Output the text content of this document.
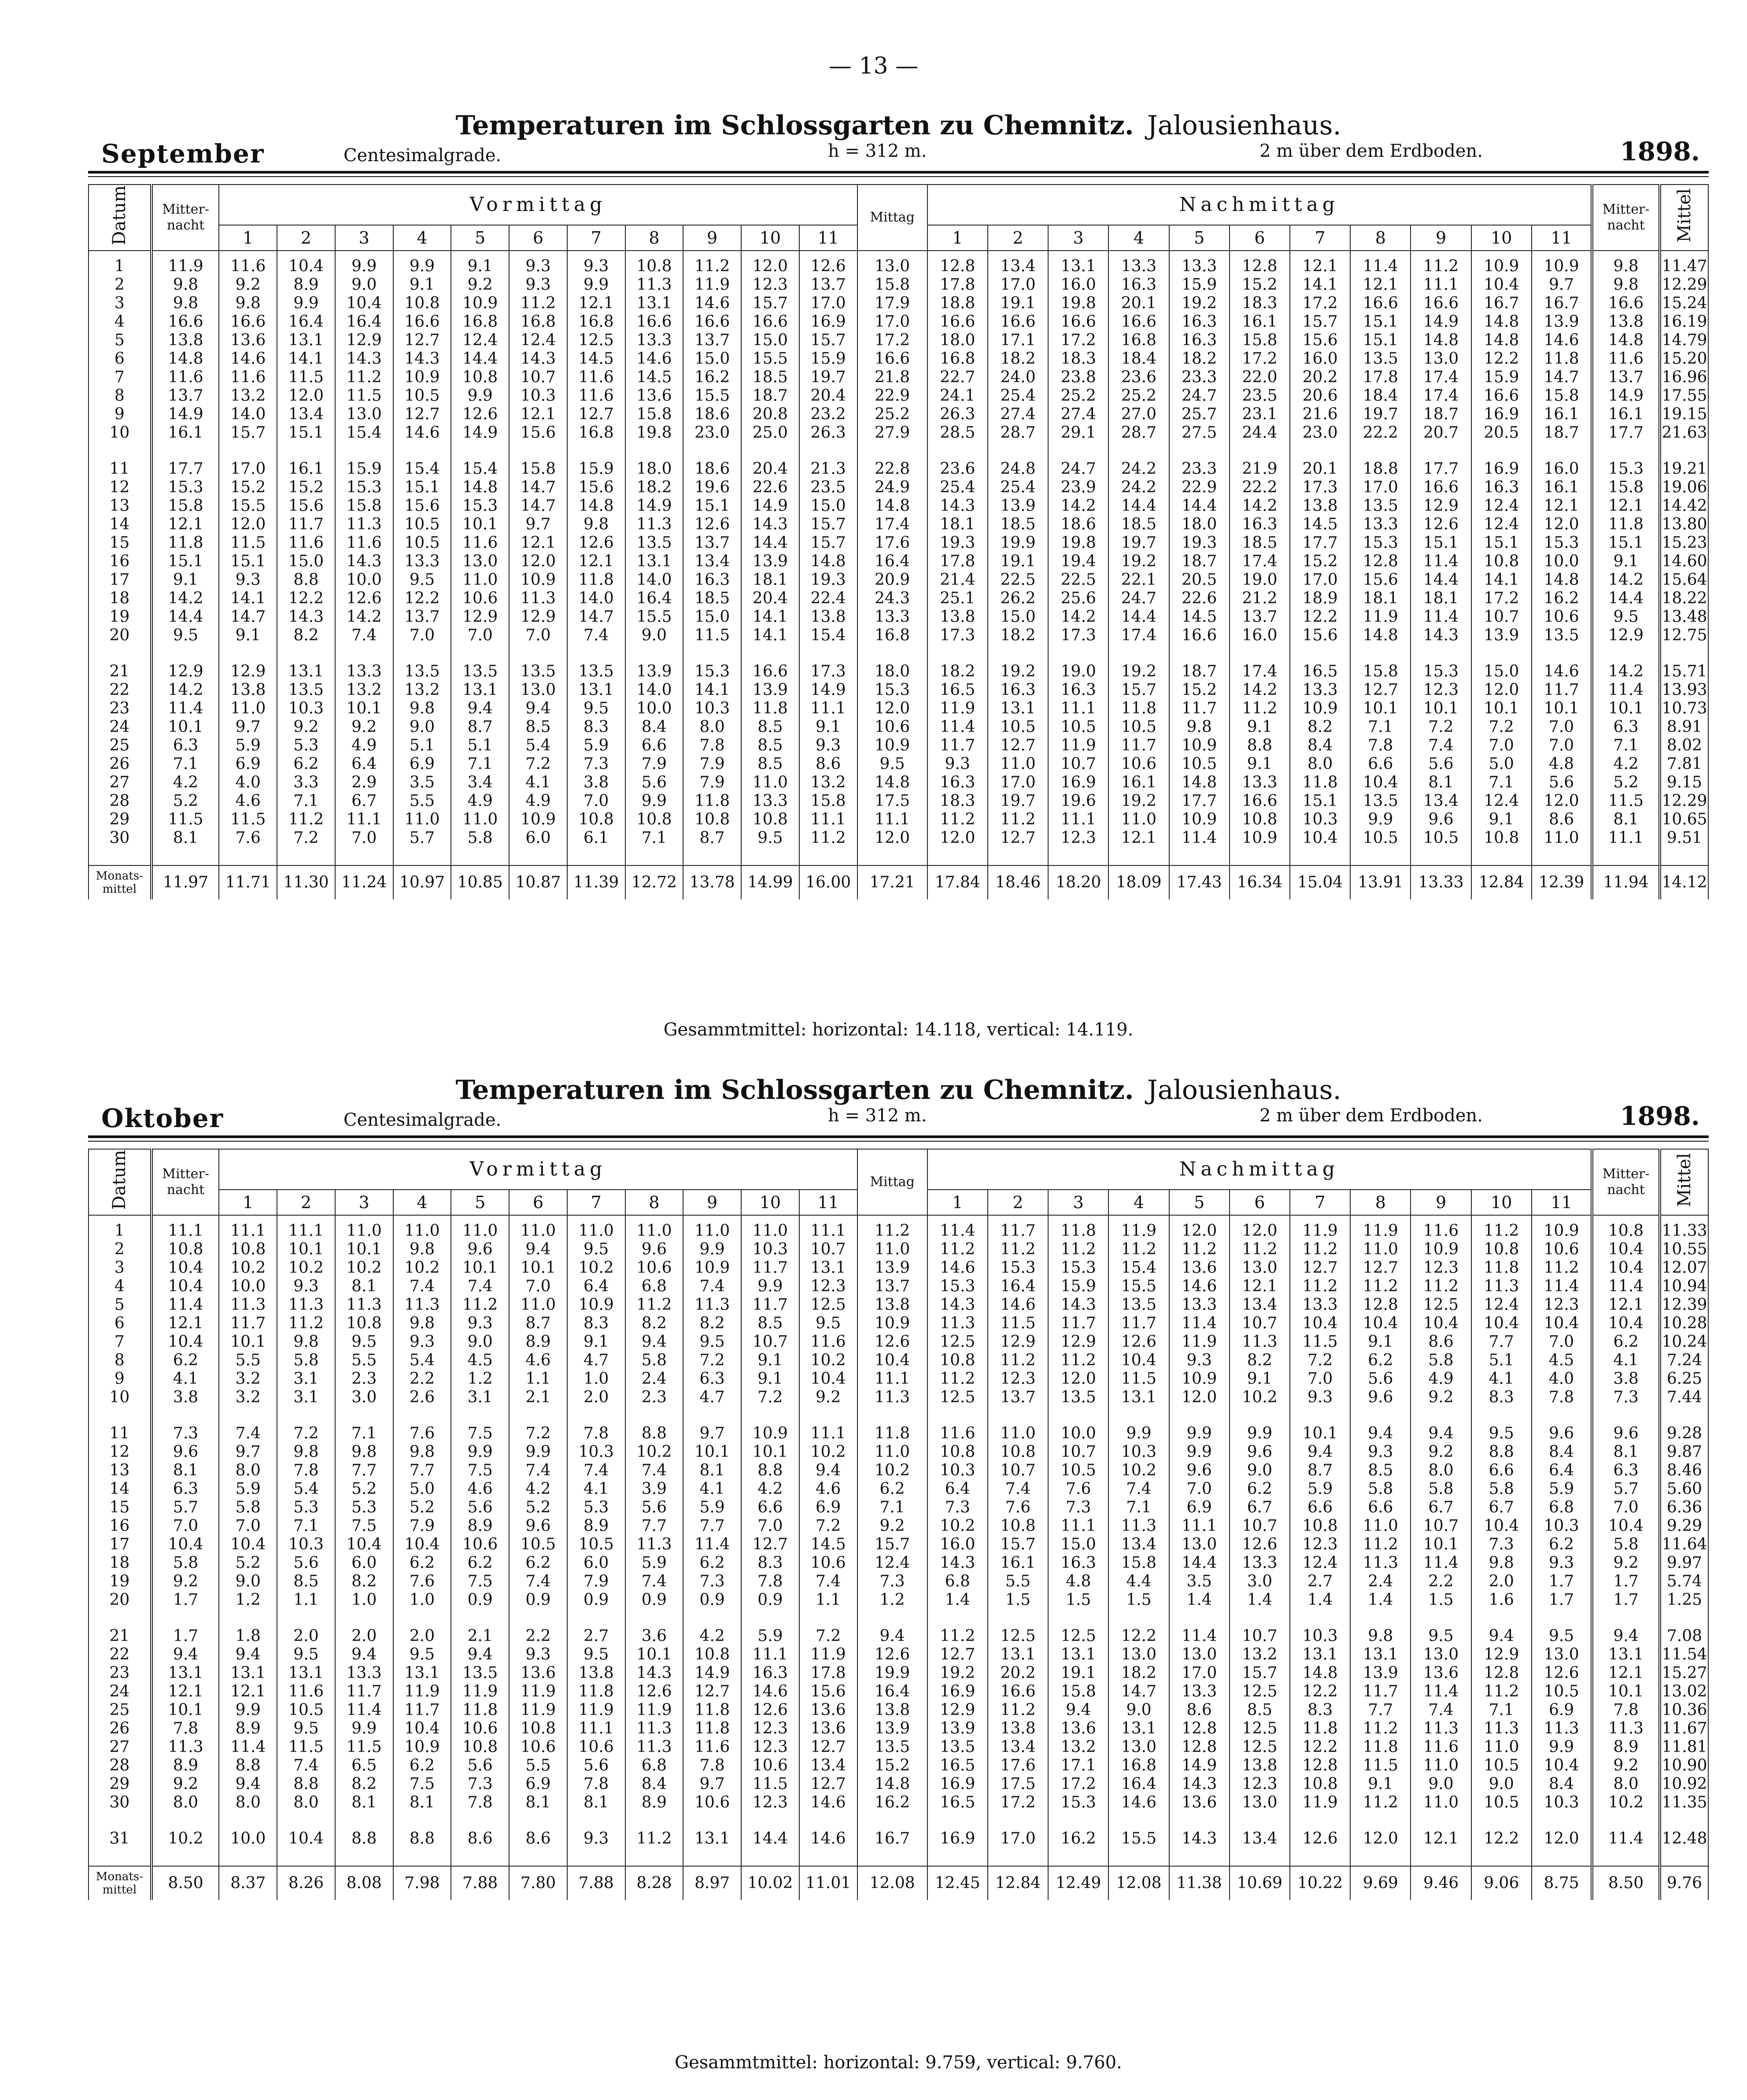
— 13 —
Temperaturen im Schlossgarten zu Chemnitz. Jalousienhaus.
September	Centesimalgrade.	h = 312 m.	2 m über dem Erdboden.	1898.
Datum	Mitter-nacht	Vormittag											Mittag	Nachmittag											Mitter-nacht	Mittel
		1	2	3	4	5	6	7	8	9	10	11		1	2	3	4	5	6	7	8	9	10	11		
1	11.9	11.6	10.4	9.9	9.9	9.1	9.3	9.3	10.8	11.2	12.0	12.6	13.0	12.8	13.4	13.1	13.3	13.3	12.8	12.1	11.4	11.2	10.9	10.9	9.8	11.47
2	9.8	9.2	8.9	9.0	9.1	9.2	9.3	9.9	11.3	11.9	12.3	13.7	15.8	17.8	17.0	16.0	16.3	15.9	15.2	14.1	12.1	11.1	10.4	9.7	9.8	12.29
3	9.8	9.8	9.9	10.4	10.8	10.9	11.2	12.1	13.1	14.6	15.7	17.0	17.9	18.8	19.1	19.8	20.1	19.2	18.3	17.2	16.6	16.6	16.7	16.7	16.6	15.24
4	16.6	16.6	16.4	16.4	16.6	16.8	16.8	16.8	16.6	16.6	16.6	16.9	17.0	16.6	16.6	16.6	16.6	16.3	16.1	15.7	15.1	14.9	14.8	13.9	13.8	16.19
5	13.8	13.6	13.1	12.9	12.7	12.4	12.4	12.5	13.3	13.7	15.0	15.7	17.2	18.0	17.1	17.2	16.8	16.3	15.8	15.6	15.1	14.8	14.8	14.6	14.8	14.79
6	14.8	14.6	14.1	14.3	14.3	14.4	14.3	14.5	14.6	15.0	15.5	15.9	16.6	16.8	18.2	18.3	18.4	18.2	17.2	16.0	13.5	13.0	12.2	11.8	11.6	15.20
7	11.6	11.6	11.5	11.2	10.9	10.8	10.7	11.6	14.5	16.2	18.5	19.7	21.8	22.7	24.0	23.8	23.6	23.3	22.0	20.2	17.8	17.4	15.9	14.7	13.7	16.96
8	13.7	13.2	12.0	11.5	10.5	9.9	10.3	11.6	13.6	15.5	18.7	20.4	22.9	24.1	25.4	25.2	25.2	24.7	23.5	20.6	18.4	17.4	16.6	15.8	14.9	17.55
9	14.9	14.0	13.4	13.0	12.7	12.6	12.1	12.7	15.8	18.6	20.8	23.2	25.2	26.3	27.4	27.4	27.0	25.7	23.1	21.6	19.7	18.7	16.9	16.1	16.1	19.15
10	16.1	15.7	15.1	15.4	14.6	14.9	15.6	16.8	19.8	23.0	25.0	26.3	27.9	28.5	28.7	29.1	28.7	27.5	24.4	23.0	22.2	20.7	20.5	18.7	17.7	21.63

11	17.7	17.0	16.1	15.9	15.4	15.4	15.8	15.9	18.0	18.6	20.4	21.3	22.8	23.6	24.8	24.7	24.2	23.3	21.9	20.1	18.8	17.7	16.9	16.0	15.3	19.21
12	15.3	15.2	15.2	15.3	15.1	14.8	14.7	15.6	18.2	19.6	22.6	23.5	24.9	25.4	25.4	23.9	24.2	22.9	22.2	17.3	17.0	16.6	16.3	16.1	15.8	19.06
13	15.8	15.5	15.6	15.8	15.6	15.3	14.7	14.8	14.9	15.1	14.9	15.0	14.8	14.3	13.9	14.2	14.4	14.4	14.2	13.8	13.5	12.9	12.4	12.1	12.1	14.42
14	12.1	12.0	11.7	11.3	10.5	10.1	9.7	9.8	11.3	12.6	14.3	15.7	17.4	18.1	18.5	18.6	18.5	18.0	16.3	14.5	13.3	12.6	12.4	12.0	11.8	13.80
15	11.8	11.5	11.6	11.6	10.5	11.6	12.1	12.6	13.5	13.7	14.4	15.7	17.6	19.3	19.9	19.8	19.7	19.3	18.5	17.7	15.3	15.1	15.1	15.3	15.1	15.23
16	15.1	15.1	15.0	14.3	13.3	13.0	12.0	12.1	13.1	13.4	13.9	14.8	16.4	17.8	19.1	19.4	19.2	18.7	17.4	15.2	12.8	11.4	10.8	10.0	9.1	14.60
17	9.1	9.3	8.8	10.0	9.5	11.0	10.9	11.8	14.0	16.3	18.1	19.3	20.9	21.4	22.5	22.5	22.1	20.5	19.0	17.0	15.6	14.4	14.1	14.8	14.2	15.64
18	14.2	14.1	12.2	12.6	12.2	10.6	11.3	14.0	16.4	18.5	20.4	22.4	24.3	25.1	26.2	25.6	24.7	22.6	21.2	18.9	18.1	18.1	17.2	16.2	14.4	18.22
19	14.4	14.7	14.3	14.2	13.7	12.9	12.9	14.7	15.5	15.0	14.1	13.8	13.3	13.8	15.0	14.2	14.4	14.5	13.7	12.2	11.9	11.4	10.7	10.6	9.5	13.48
20	9.5	9.1	8.2	7.4	7.0	7.0	7.0	7.4	9.0	11.5	14.1	15.4	16.8	17.3	18.2	17.3	17.4	16.6	16.0	15.6	14.8	14.3	13.9	13.5	12.9	12.75

21	12.9	12.9	13.1	13.3	13.5	13.5	13.5	13.5	13.9	15.3	16.6	17.3	18.0	18.2	19.2	19.0	19.2	18.7	17.4	16.5	15.8	15.3	15.0	14.6	14.2	15.71
22	14.2	13.8	13.5	13.2	13.2	13.1	13.0	13.1	14.0	14.1	13.9	14.9	15.3	16.5	16.3	16.3	15.7	15.2	14.2	13.3	12.7	12.3	12.0	11.7	11.4	13.93
23	11.4	11.0	10.3	10.1	9.8	9.4	9.4	9.5	10.0	10.3	11.8	11.1	12.0	11.9	13.1	11.1	11.8	11.7	11.2	10.9	10.1	10.1	10.1	10.1	10.1	10.73
24	10.1	9.7	9.2	9.2	9.0	8.7	8.5	8.3	8.4	8.0	8.5	9.1	10.6	11.4	10.5	10.5	10.5	9.8	9.1	8.2	7.1	7.2	7.2	7.0	6.3	8.91
25	6.3	5.9	5.3	4.9	5.1	5.1	5.4	5.9	6.6	7.8	8.5	9.3	10.9	11.7	12.7	11.9	11.7	10.9	8.8	8.4	7.8	7.4	7.0	7.0	7.1	8.02
26	7.1	6.9	6.2	6.4	6.9	7.1	7.2	7.3	7.9	7.9	8.5	8.6	9.5	9.3	11.0	10.7	10.6	10.5	9.1	8.0	6.6	5.6	5.0	4.8	4.2	7.81
27	4.2	4.0	3.3	2.9	3.5	3.4	4.1	3.8	5.6	7.9	11.0	13.2	14.8	16.3	17.0	16.9	16.1	14.8	13.3	11.8	10.4	8.1	7.1	5.6	5.2	9.15
28	5.2	4.6	7.1	6.7	5.5	4.9	4.9	7.0	9.9	11.8	13.3	15.8	17.5	18.3	19.7	19.6	19.2	17.7	16.6	15.1	13.5	13.4	12.4	12.0	11.5	12.29
29	11.5	11.5	11.2	11.1	11.0	11.0	10.9	10.8	10.8	10.8	10.8	11.1	11.1	11.2	11.2	11.1	11.0	10.9	10.8	10.3	9.9	9.6	9.1	8.6	8.1	10.65
30	8.1	7.6	7.2	7.0	5.7	5.8	6.0	6.1	7.1	8.7	9.5	11.2	12.0	12.0	12.7	12.3	12.1	11.4	10.9	10.4	10.5	10.5	10.8	11.0	11.1	9.51

Monats-mittel	11.97	11.71	11.30	11.24	10.97	10.85	10.87	11.39	12.72	13.78	14.99	16.00	17.21	17.84	18.46	18.20	18.09	17.43	16.34	15.04	13.91	13.33	12.84	12.39	11.94	14.12
Gesammtmittel: horizontal: 14.118, vertical: 14.119.
Temperaturen im Schlossgarten zu Chemnitz. Jalousienhaus.
Oktober	Centesimalgrade.	h = 312 m.	2 m über dem Erdboden.	1898.
Datum	Mitter-nacht	Vormittag											Mittag	Nachmittag											Mitter-nacht	Mittel
		1	2	3	4	5	6	7	8	9	10	11		1	2	3	4	5	6	7	8	9	10	11		
1	11.1	11.1	11.1	11.0	11.0	11.0	11.0	11.0	11.0	11.0	11.0	11.1	11.2	11.4	11.7	11.8	11.9	12.0	12.0	11.9	11.9	11.6	11.2	10.9	10.8	11.33
2	10.8	10.8	10.1	10.1	9.8	9.6	9.4	9.5	9.6	9.9	10.3	10.7	11.0	11.2	11.2	11.2	11.2	11.2	11.2	11.2	11.0	10.9	10.8	10.6	10.4	10.55
3	10.4	10.2	10.2	10.2	10.2	10.1	10.1	10.2	10.6	10.9	11.7	13.1	13.9	14.6	15.3	15.3	15.4	13.6	13.0	12.7	12.7	12.3	11.8	11.2	10.4	12.07
4	10.4	10.0	9.3	8.1	7.4	7.4	7.0	6.4	6.8	7.4	9.9	12.3	13.7	15.3	16.4	15.9	15.5	14.6	12.1	11.2	11.2	11.2	11.3	11.4	11.4	10.94
5	11.4	11.3	11.3	11.3	11.3	11.2	11.0	10.9	11.2	11.3	11.7	12.5	13.8	14.3	14.6	14.3	13.5	13.3	13.4	13.3	12.8	12.5	12.4	12.3	12.1	12.39
6	12.1	11.7	11.2	10.8	9.8	9.3	8.7	8.3	8.2	8.2	8.5	9.5	10.9	11.3	11.5	11.7	11.7	11.4	10.7	10.4	10.4	10.4	10.4	10.4	10.4	10.28
7	10.4	10.1	9.8	9.5	9.3	9.0	8.9	9.1	9.4	9.5	10.7	11.6	12.6	12.5	12.9	12.9	12.6	11.9	11.3	11.5	9.1	8.6	7.7	7.0	6.2	10.24
8	6.2	5.5	5.8	5.5	5.4	4.5	4.6	4.7	5.8	7.2	9.1	10.2	10.4	10.8	11.2	11.2	10.4	9.3	8.2	7.2	6.2	5.8	5.1	4.5	4.1	7.24
9	4.1	3.2	3.1	2.3	2.2	1.2	1.1	1.0	2.4	6.3	9.1	10.4	11.1	11.2	12.3	12.0	11.5	10.9	9.1	7.0	5.6	4.9	4.1	4.0	3.8	6.25
10	3.8	3.2	3.1	3.0	2.6	3.1	2.1	2.0	2.3	4.7	7.2	9.2	11.3	12.5	13.7	13.5	13.1	12.0	10.2	9.3	9.6	9.2	8.3	7.8	7.3	7.44

11	7.3	7.4	7.2	7.1	7.6	7.5	7.2	7.8	8.8	9.7	10.9	11.1	11.8	11.6	11.0	10.0	9.9	9.9	9.9	10.1	9.4	9.4	9.5	9.6	9.6	9.28
12	9.6	9.7	9.8	9.8	9.8	9.9	9.9	10.3	10.2	10.1	10.1	10.2	11.0	10.8	10.8	10.7	10.3	9.9	9.6	9.4	9.3	9.2	8.8	8.4	8.1	9.87
13	8.1	8.0	7.8	7.7	7.7	7.5	7.4	7.4	7.4	8.1	8.8	9.4	10.2	10.3	10.7	10.5	10.2	9.6	9.0	8.7	8.5	8.0	6.6	6.4	6.3	8.46
14	6.3	5.9	5.4	5.2	5.0	4.6	4.2	4.1	3.9	4.1	4.2	4.6	6.2	6.4	7.4	7.6	7.4	7.0	6.2	5.9	5.8	5.8	5.8	5.9	5.7	5.60
15	5.7	5.8	5.3	5.3	5.2	5.6	5.2	5.3	5.6	5.9	6.6	6.9	7.1	7.3	7.6	7.3	7.1	6.9	6.7	6.6	6.6	6.7	6.7	6.8	7.0	6.36
16	7.0	7.0	7.1	7.5	7.9	8.9	9.6	8.9	7.7	7.7	7.0	7.2	9.2	10.2	10.8	11.1	11.3	11.1	10.7	10.8	11.0	10.7	10.4	10.3	10.4	9.29
17	10.4	10.4	10.3	10.4	10.4	10.6	10.5	10.5	11.3	11.4	12.7	14.5	15.7	16.0	15.7	15.0	13.4	13.0	12.6	12.3	11.2	10.1	7.3	6.2	5.8	11.64
18	5.8	5.2	5.6	6.0	6.2	6.2	6.2	6.0	5.9	6.2	8.3	10.6	12.4	14.3	16.1	16.3	15.8	14.4	13.3	12.4	11.3	11.4	9.8	9.3	9.2	9.97
19	9.2	9.0	8.5	8.2	7.6	7.5	7.4	7.9	7.4	7.3	7.8	7.4	7.3	6.8	5.5	4.8	4.4	3.5	3.0	2.7	2.4	2.2	2.0	1.7	1.7	5.74
20	1.7	1.2	1.1	1.0	1.0	0.9	0.9	0.9	0.9	0.9	0.9	1.1	1.2	1.4	1.5	1.5	1.5	1.4	1.4	1.4	1.4	1.5	1.6	1.7	1.7	1.25

21	1.7	1.8	2.0	2.0	2.0	2.1	2.2	2.7	3.6	4.2	5.9	7.2	9.4	11.2	12.5	12.5	12.2	11.4	10.7	10.3	9.8	9.5	9.4	9.5	9.4	7.08
22	9.4	9.4	9.5	9.4	9.5	9.4	9.3	9.5	10.1	10.8	11.1	11.9	12.6	12.7	13.1	13.1	13.0	13.0	13.2	13.1	13.1	13.0	12.9	13.0	13.1	11.54
23	13.1	13.1	13.1	13.3	13.1	13.5	13.6	13.8	14.3	14.9	16.3	17.8	19.9	19.2	20.2	19.1	18.2	17.0	15.7	14.8	13.9	13.6	12.8	12.6	12.1	15.27
24	12.1	12.1	11.6	11.7	11.9	11.9	11.9	11.8	12.6	12.7	14.6	15.6	16.4	16.9	16.6	15.8	14.7	13.3	12.5	12.2	11.7	11.4	11.2	10.5	10.1	13.02
25	10.1	9.9	10.5	11.4	11.7	11.8	11.9	11.9	11.9	11.8	12.6	13.6	13.8	12.9	11.2	9.4	9.0	8.6	8.5	8.3	7.7	7.4	7.1	6.9	7.8	10.36
26	7.8	8.9	9.5	9.9	10.4	10.6	10.8	11.1	11.3	11.8	12.3	13.6	13.9	13.9	13.8	13.6	13.1	12.8	12.5	11.8	11.2	11.3	11.3	11.3	11.3	11.67
27	11.3	11.4	11.5	11.5	10.9	10.8	10.6	10.6	11.3	11.6	12.3	12.7	13.5	13.5	13.4	13.2	13.0	12.8	12.5	12.2	11.8	11.6	11.0	9.9	8.9	11.81
28	8.9	8.8	7.4	6.5	6.2	5.6	5.5	5.6	6.8	7.8	10.6	13.4	15.2	16.5	17.6	17.1	16.8	14.9	13.8	12.8	11.5	11.0	10.5	10.4	9.2	10.90
29	9.2	9.4	8.8	8.2	7.5	7.3	6.9	7.8	8.4	9.7	11.5	12.7	14.8	16.9	17.5	17.2	16.4	14.3	12.3	10.8	9.1	9.0	9.0	8.4	8.0	10.92
30	8.0	8.0	8.0	8.1	8.1	7.8	8.1	8.1	8.9	10.6	12.3	14.6	16.2	16.5	17.2	15.3	14.6	13.6	13.0	11.9	11.2	11.0	10.5	10.3	10.2	11.35

31	10.2	10.0	10.4	8.8	8.8	8.6	8.6	9.3	11.2	13.1	14.4	14.6	16.7	16.9	17.0	16.2	15.5	14.3	13.4	12.6	12.0	12.1	12.2	12.0	11.4	12.48

Monats-mittel	8.50	8.37	8.26	8.08	7.98	7.88	7.80	7.88	8.28	8.97	10.02	11.01	12.08	12.45	12.84	12.49	12.08	11.38	10.69	10.22	9.69	9.46	9.06	8.75	8.50	9.76
Gesammtmittel: horizontal: 9.759, vertical: 9.760.
